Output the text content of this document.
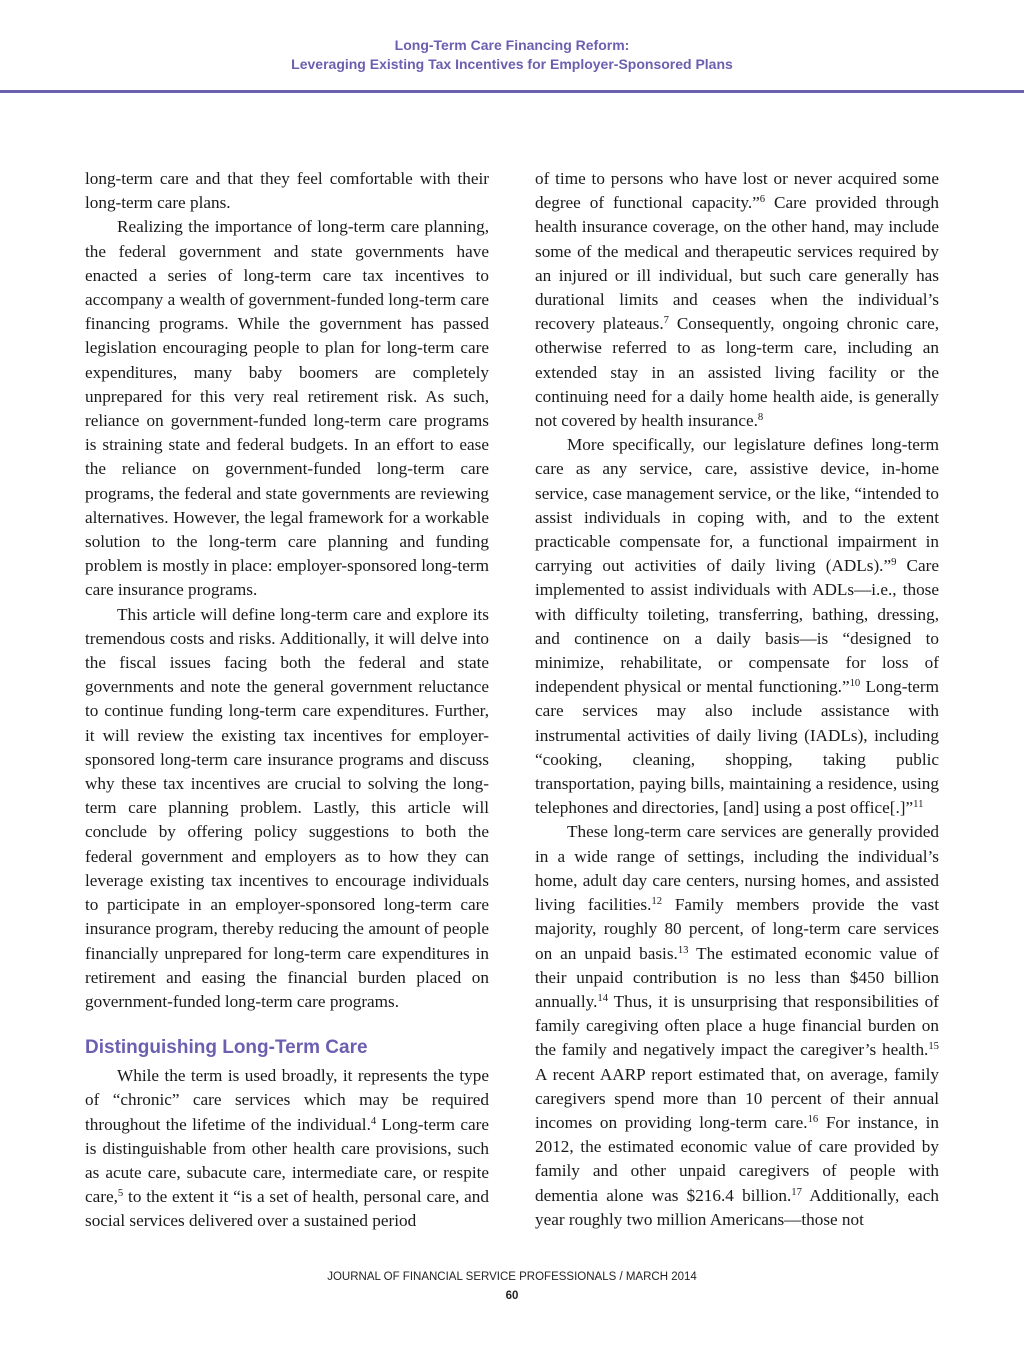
Long-Term Care Financing Reform:
Leveraging Existing Tax Incentives for Employer-Sponsored Plans

long-term care and that they feel comfortable with their long-term care plans.

Realizing the importance of long-term care planning, the federal government and state governments have enacted a series of long-term care tax incentives to accompany a wealth of government-funded long-term care financing programs. While the government has passed legislation encouraging people to plan for long-term care expenditures, many baby boomers are completely unprepared for this very real retirement risk. As such, reliance on government-funded long-term care programs is straining state and federal budgets. In an effort to ease the reliance on government-funded long-term care programs, the federal and state governments are reviewing alternatives. However, the legal framework for a workable solution to the long-term care planning and funding problem is mostly in place: employer-sponsored long-term care insurance programs.

This article will define long-term care and explore its tremendous costs and risks. Additionally, it will delve into the fiscal issues facing both the federal and state governments and note the general government reluctance to continue funding long-term care expenditures. Further, it will review the existing tax incentives for employer-sponsored long-term care insurance programs and discuss why these tax incentives are crucial to solving the long-term care planning problem. Lastly, this article will conclude by offering policy suggestions to both the federal government and employers as to how they can leverage existing tax incentives to encourage individuals to participate in an employer-sponsored long-term care insurance program, thereby reducing the amount of people financially unprepared for long-term care expenditures in retirement and easing the financial burden placed on government-funded long-term care programs.

Distinguishing Long-Term Care

While the term is used broadly, it represents the type of “chronic” care services which may be required throughout the lifetime of the individual.$^4$ Long-term care is distinguishable from other health care provisions, such as acute care, subacute care, intermediate care, or respite care,$^5$ to the extent it “is a set of health, personal care, and social services delivered over a sustained period

of time to persons who have lost or never acquired some degree of functional capacity.”$^6$ Care provided through health insurance coverage, on the other hand, may include some of the medical and therapeutic services required by an injured or ill individual, but such care generally has durational limits and ceases when the individual’s recovery plateaus.$^7$ Consequently, ongoing chronic care, otherwise referred to as long-term care, including an extended stay in an assisted living facility or the continuing need for a daily home health aide, is generally not covered by health insurance.$^8$

More specifically, our legislature defines long-term care as any service, care, assistive device, in-home service, case management service, or the like, “intended to assist individuals in coping with, and to the extent practicable compensate for, a functional impairment in carrying out activities of daily living (ADLs).”$^9$ Care implemented to assist individuals with ADLs—i.e., those with difficulty toileting, transferring, bathing, dressing, and continence on a daily basis—is “designed to minimize, rehabilitate, or compensate for loss of independent physical or mental functioning.”$^{10}$ Long-term care services may also include assistance with instrumental activities of daily living (IADLs), including “cooking, cleaning, shopping, taking public transportation, paying bills, maintaining a residence, using telephones and directories, [and] using a post office[.]”$^{11}$

These long-term care services are generally provided in a wide range of settings, including the individual’s home, adult day care centers, nursing homes, and assisted living facilities.$^{12}$ Family members provide the vast majority, roughly 80 percent, of long-term care services on an unpaid basis.$^{13}$ The estimated economic value of their unpaid contribution is no less than $450 billion annually.$^{14}$ Thus, it is unsurprising that responsibilities of family caregiving often place a huge financial burden on the family and negatively impact the caregiver’s health.$^{15}$ A recent AARP report estimated that, on average, family caregivers spend more than 10 percent of their annual incomes on providing long-term care.$^{16}$ For instance, in 2012, the estimated economic value of care provided by family and other unpaid caregivers of people with dementia alone was $216.4 billion.$^{17}$ Additionally, each year roughly two million Americans—those not

JOURNAL OF FINANCIAL SERVICE PROFESSIONALS / MARCH 2014
60
